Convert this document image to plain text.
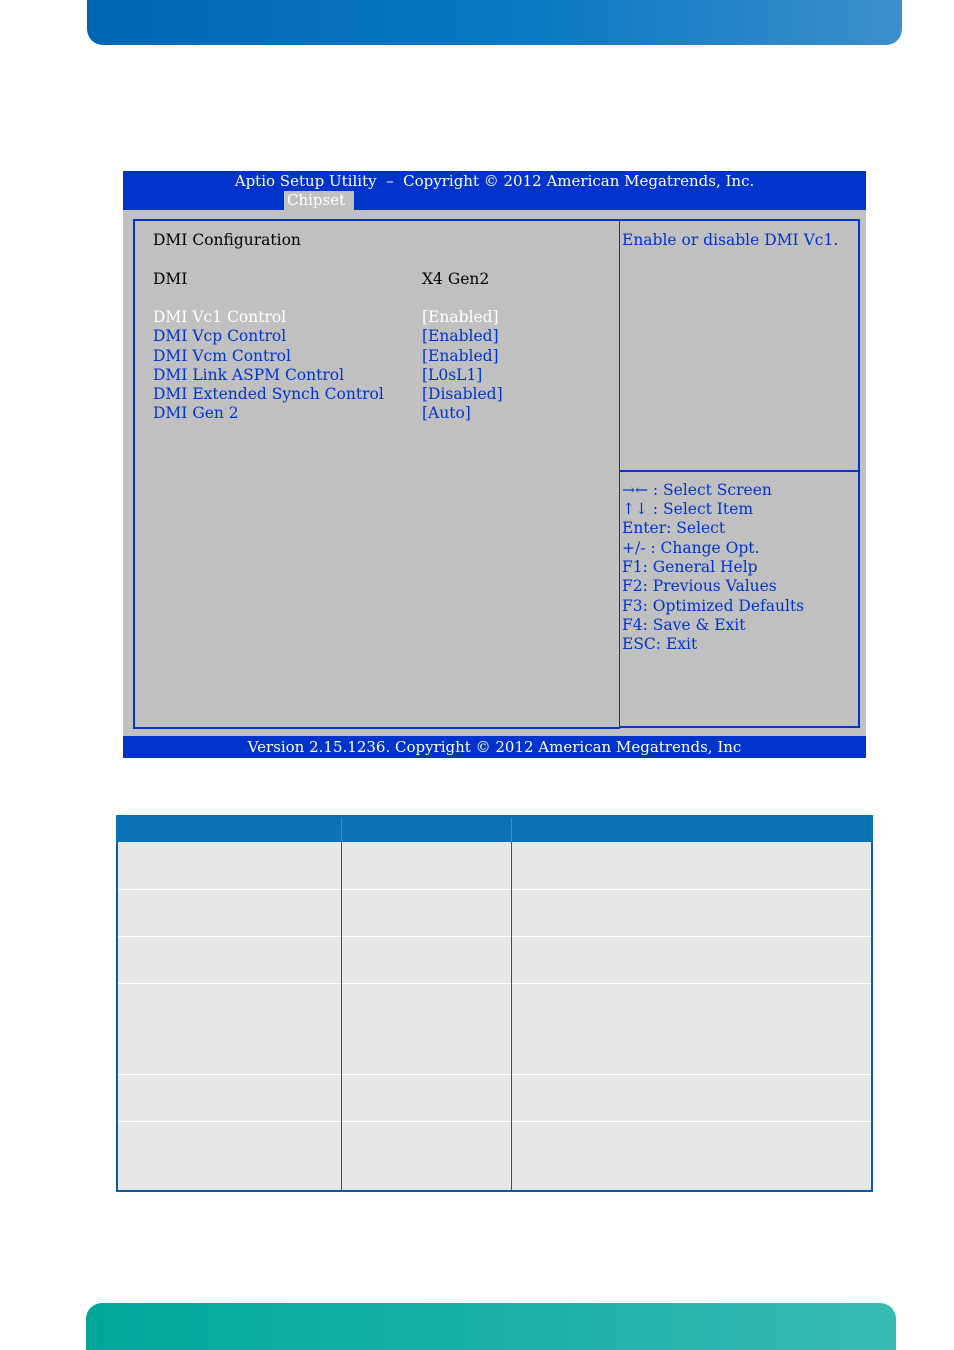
Aptio Setup Utility  –  Copyright © 2012 American Megatrends, Inc.
Chipset
DMI Configuration
DMI	X4 Gen2
DMI Vc1 Control	[Enabled]
DMI Vcp Control	[Enabled]
DMI Vcm Control	[Enabled]
DMI Link ASPM Control	[L0sL1]
DMI Extended Synch Control [Disabled]
DMI Gen 2	[Auto]
Enable or disable DMI Vc1.
→← : Select Screen
↑↓ : Select Item
Enter: Select
+/- : Change Opt.
F1: General Help
F2: Previous Values
F3: Optimized Defaults
F4: Save & Exit
ESC: Exit
Version 2.15.1236. Copyright © 2012 American Megatrends, Inc
